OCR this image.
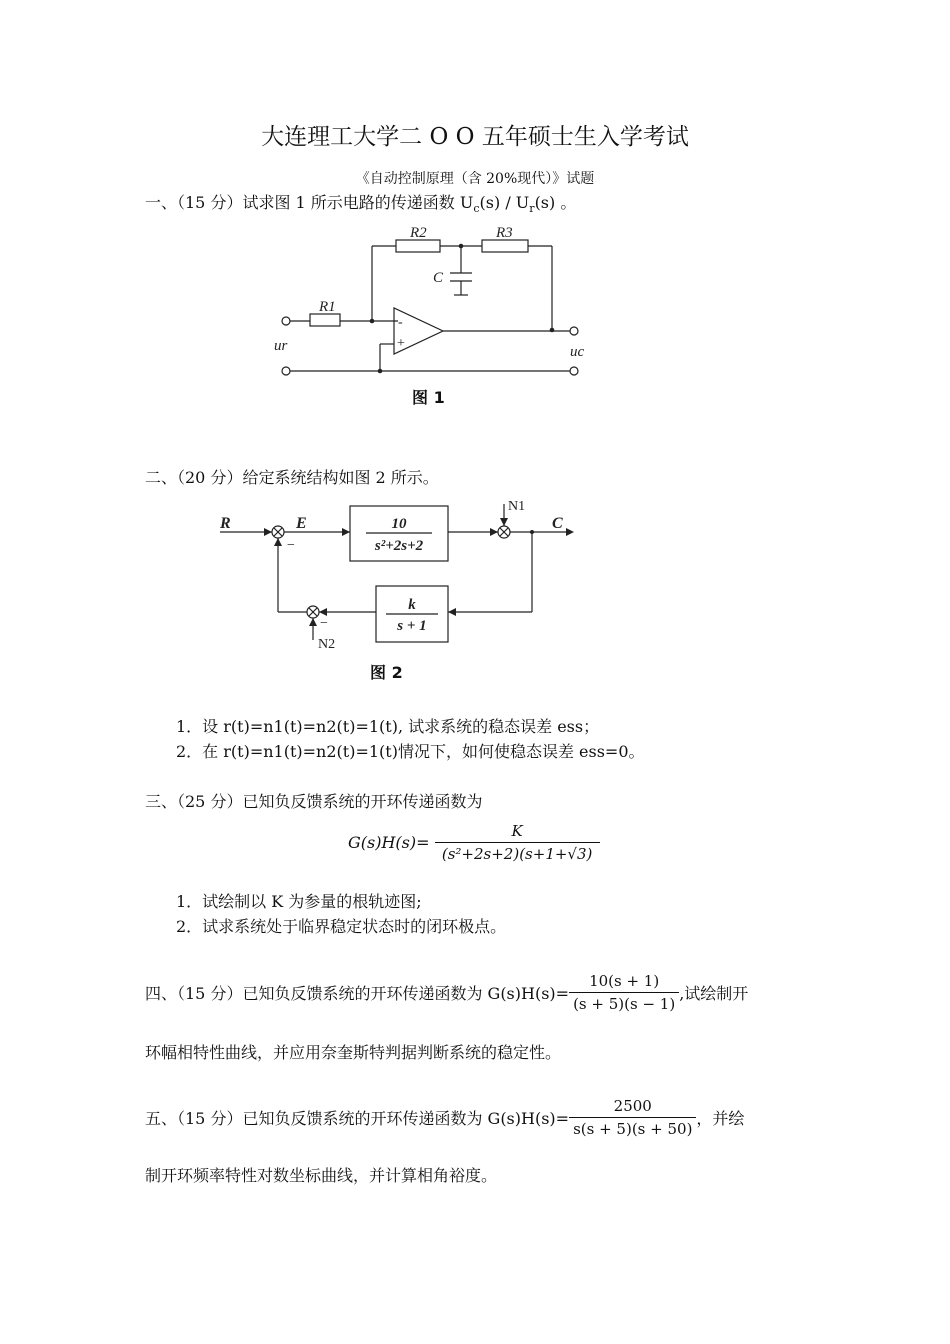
大连理工大学二 O O 五年硕士生入学考试
《自动控制原理（含 20%现代）》试题
一、（15 分）试求图 1 所示电路的传递函数 $U_c(s) / U_r(s)$ 。
R1
R2	R3
C
ur	uc
-
+
图 1
二、（20 分）给定系统结构如图 2 所示。
R	E	C
N1
N2
−
−
10
s²+2s+2
k
s + 1
图 2
1．设 r(t)=n1(t)=n2(t)=1(t), 试求系统的稳态误差 ess；
2．在 r(t)=n1(t)=n2(t)=1(t)情况下，如何使稳态误差 ess=0。
三、（25 分）已知负反馈系统的开环传递函数为
$G(s)H(s)= \frac{K}{\text{(s²+2s+2)(s+1+√3)}}$
1．试绘制以 K 为参量的根轨迹图;
2．试求系统处于临界稳定状态时的闭环极点。
四、（15 分）已知负反馈系统的开环传递函数为 $G(s)H(s)= \frac{10(s + 1)}{(s + 5)(s - 1)}$ ,试绘制开
环幅相特性曲线，并应用奈奎斯特判据判断系统的稳定性。
五、（15 分）已知负反馈系统的开环传递函数为 $G(s)H(s)= \frac{2500}{s(s + 5)(s + 50)}$ ，并绘
制开环频率特性对数坐标曲线，并计算相角裕度。
